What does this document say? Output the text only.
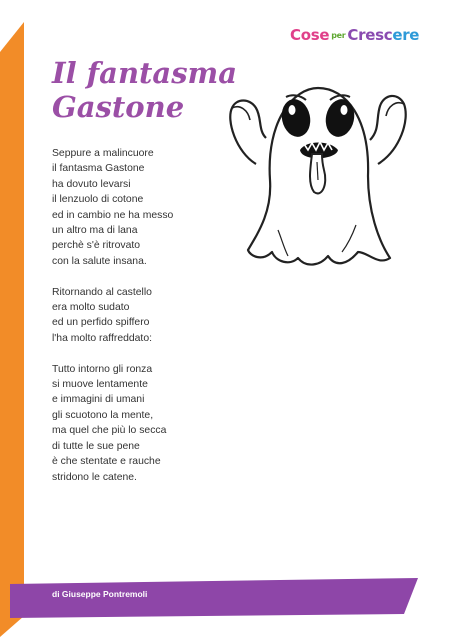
Cose per Crescere
Il fantasma
Gastone
Seppure a malincuore
il fantasma Gastone
ha dovuto levarsi
il lenzuolo di cotone
ed in cambio ne ha messo
un altro ma di lana
perchè s'è ritrovato
con la salute insana.
Ritornando al castello
era molto sudato
ed un perfido spiffero
l'ha molto raffreddato:
Tutto intorno gli ronza
si muove lentamente
e immagini di umani
gli scuotono la mente,
ma quel che più lo secca
di tutte le sue pene
è che stentate e rauche
stridono le catene.
di Giuseppe Pontremoli
